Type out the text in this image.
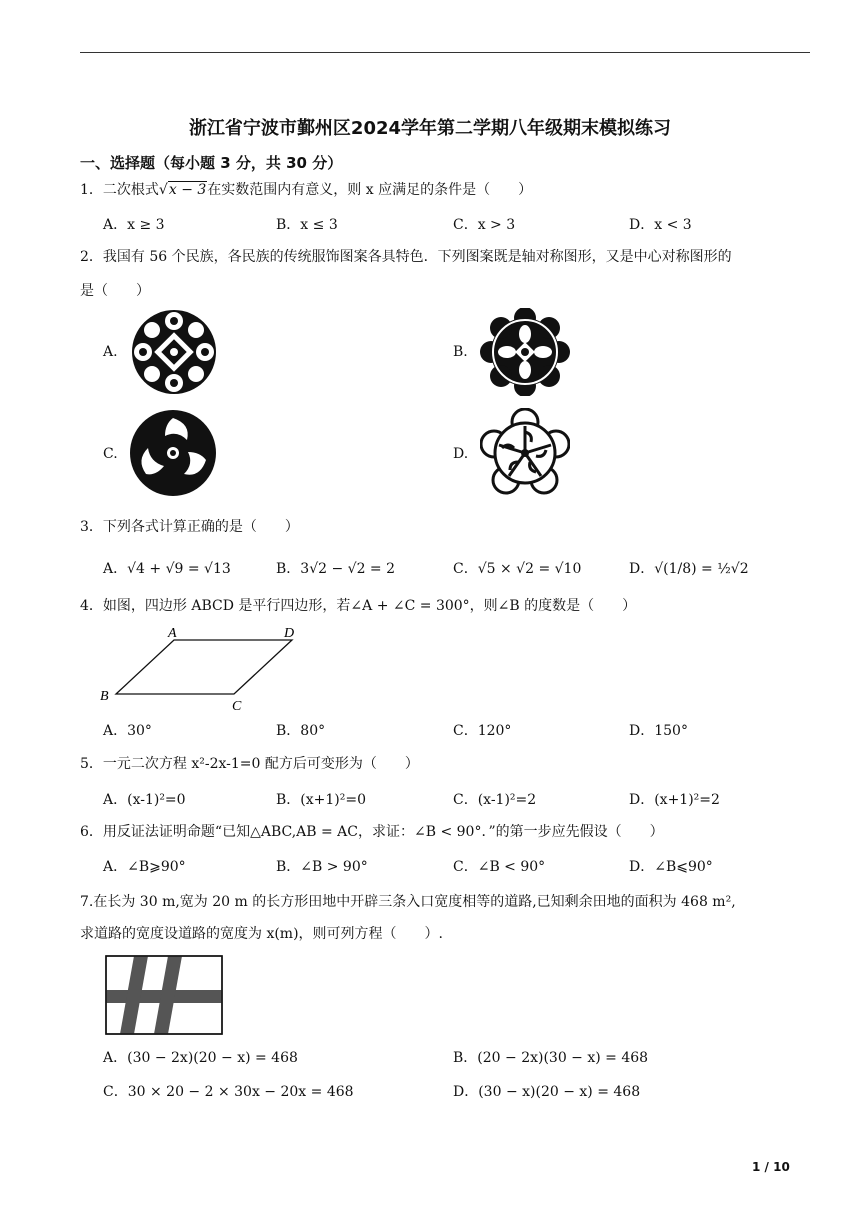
浙江省宁波市鄞州区2024学年第二学期八年级期末模拟练习
一、选择题（每小题 3 分，共 30 分）
1．二次根式√x − 3在实数范围内有意义，则 x 应满足的条件是（　　）
A．x ≥ 3	B．x ≤ 3	C．x > 3	D．x < 3
2．我国有 56 个民族，各民族的传统服饰图案各具特色．下列图案既是轴对称图形，又是中心对称图形的
是（　　）
A.	B.
C.	D.
3．下列各式计算正确的是（　　）
A．√4 + √9 = √13	B．3√2 − √2 = 2	C．√5 × √2 = √10	D．√(1/8) = ½√2
4．如图，四边形 ABCD 是平行四边形，若∠A + ∠C = 300°，则∠B 的度数是（　　）
A	D
B
C
A．30°	B．80°	C．120°	D．150°
5．一元二次方程 x²-2x-1=0 配方后可变形为（　　）
A．(x-1)²=0	B．(x+1)²=0	C．(x-1)²=2	D．(x+1)²=2
6．用反证法证明命题“已知△ABC,AB = AC，求证：∠B < 90°．”的第一步应先假设（　　）
A．∠B⩾90°	B．∠B > 90°	C．∠B < 90°	D．∠B⩽90°
7.在长为 30 m,宽为 20 m 的长方形田地中开辟三条入口宽度相等的道路,已知剩余田地的面积为 468 m²,
求道路的宽度设道路的宽度为 x(m)，则可列方程（　　）.
A．(30 − 2x)(20 − x) = 468	B．(20 − 2x)(30 − x) = 468
C．30 × 20 − 2 × 30x − 20x = 468	D．(30 − x)(20 − x) = 468
1 / 10
